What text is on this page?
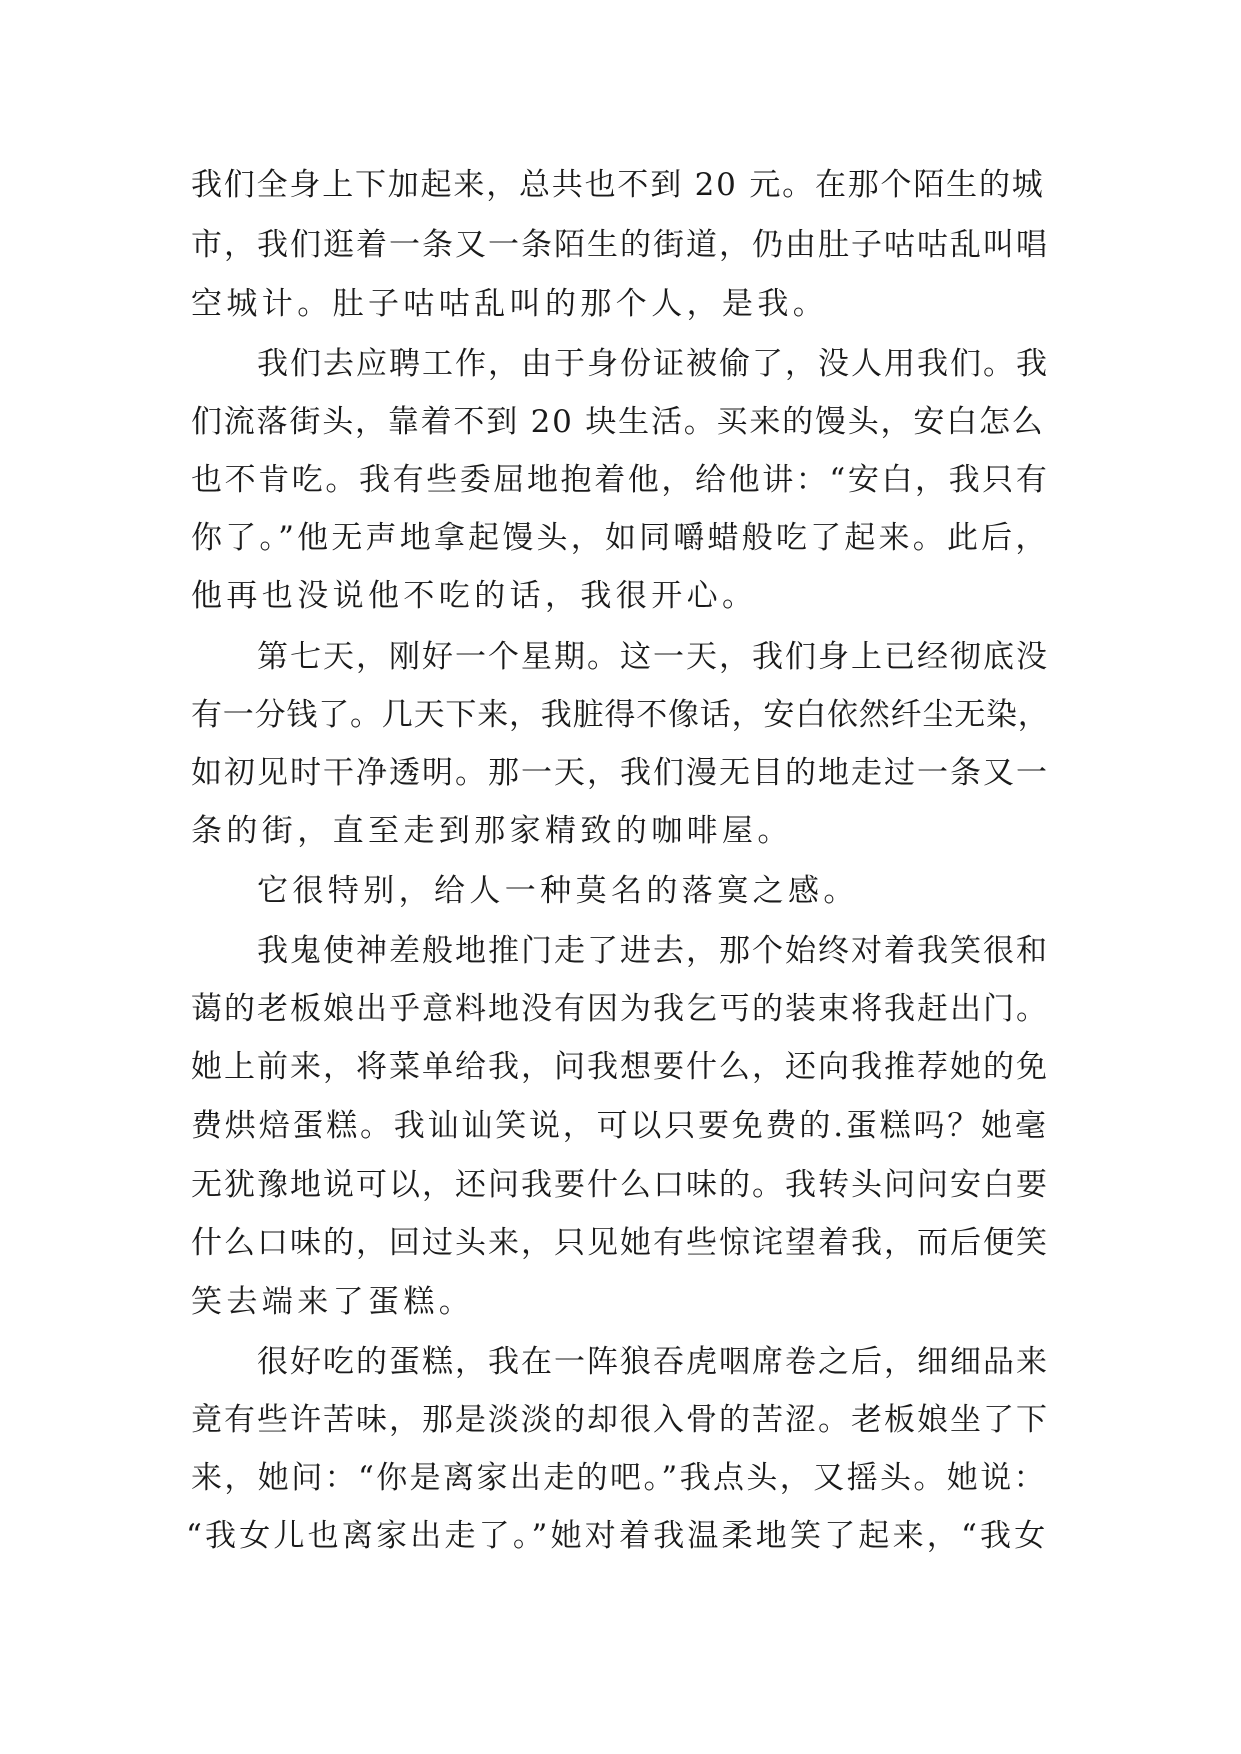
我们全身上下加起来，总共也不到 20 元。在那个陌生的城
市，我们逛着一条又一条陌生的街道，仍由肚子咕咕乱叫唱
空城计。肚子咕咕乱叫的那个人，是我。
我们去应聘工作，由于身份证被偷了，没人用我们。我
们流落街头，靠着不到 20 块生活。买来的馒头，安白怎么
也不肯吃。我有些委屈地抱着他，给他讲：“安白，我只有
你了。”他无声地拿起馒头，如同嚼蜡般吃了起来。此后，
他再也没说他不吃的话，我很开心。
第七天，刚好一个星期。这一天，我们身上已经彻底没
有一分钱了。几天下来，我脏得不像话，安白依然纤尘无染，
如初见时干净透明。那一天，我们漫无目的地走过一条又一
条的街，直至走到那家精致的咖啡屋。
它很特别，给人一种莫名的落寞之感。
我鬼使神差般地推门走了进去，那个始终对着我笑很和
蔼的老板娘出乎意料地没有因为我乞丐的装束将我赶出门。
她上前来，将菜单给我，问我想要什么，还向我推荐她的免
费烘焙蛋糕。我讪讪笑说，可以只要免费的.蛋糕吗？她毫
无犹豫地说可以，还问我要什么口味的。我转头问问安白要
什么口味的，回过头来，只见她有些惊诧望着我，而后便笑
笑去端来了蛋糕。
很好吃的蛋糕，我在一阵狼吞虎咽席卷之后，细细品来
竟有些许苦味，那是淡淡的却很入骨的苦涩。老板娘坐了下
来，她问：“你是离家出走的吧。”我点头，又摇头。她说：
“我女儿也离家出走了。”她对着我温柔地笑了起来，“我女
